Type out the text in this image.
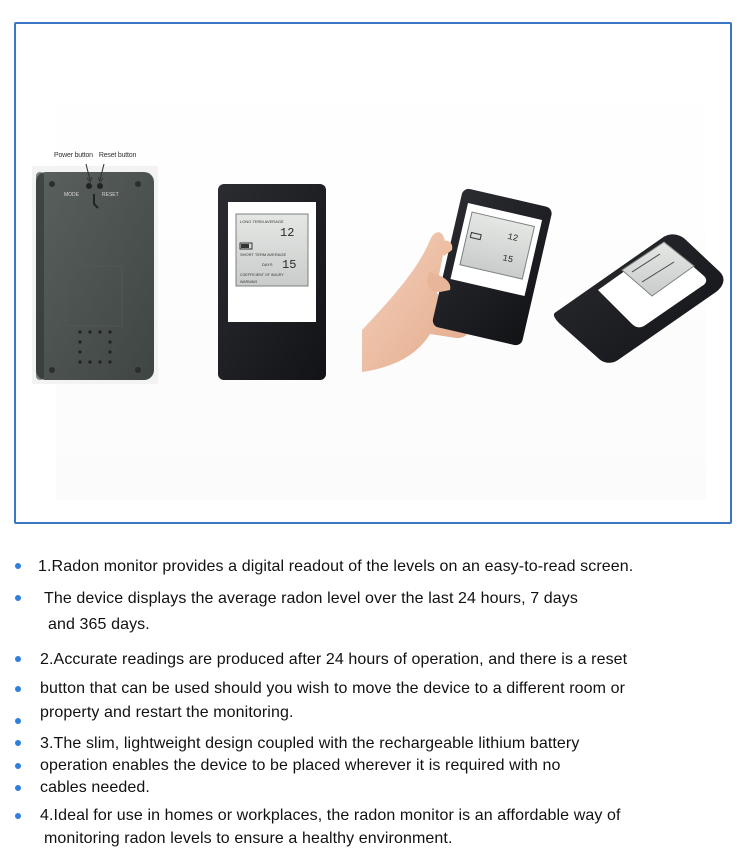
MODE	RESET
LONG TERM AVERAGE
12
SHORT TERM AVERAGE
DAYS 15
COEFFICIENT OF INJURY
WARNING
12
15
Power button Reset button
1.Radon monitor provides a digital readout of the levels on an easy-to-read screen.
The device displays the average radon level over the last 24 hours, 7 days
and 365 days.
2.Accurate readings are produced after 24 hours of operation, and there is a reset
button that can be used should you wish to move the device to a different room or
property and restart the monitoring.
3.The slim, lightweight design coupled with the rechargeable lithium battery
operation enables the device to be placed wherever it is required with no
cables needed.
4.Ideal for use in homes or workplaces, the radon monitor is an affordable way of
monitoring radon levels to ensure a healthy environment.
